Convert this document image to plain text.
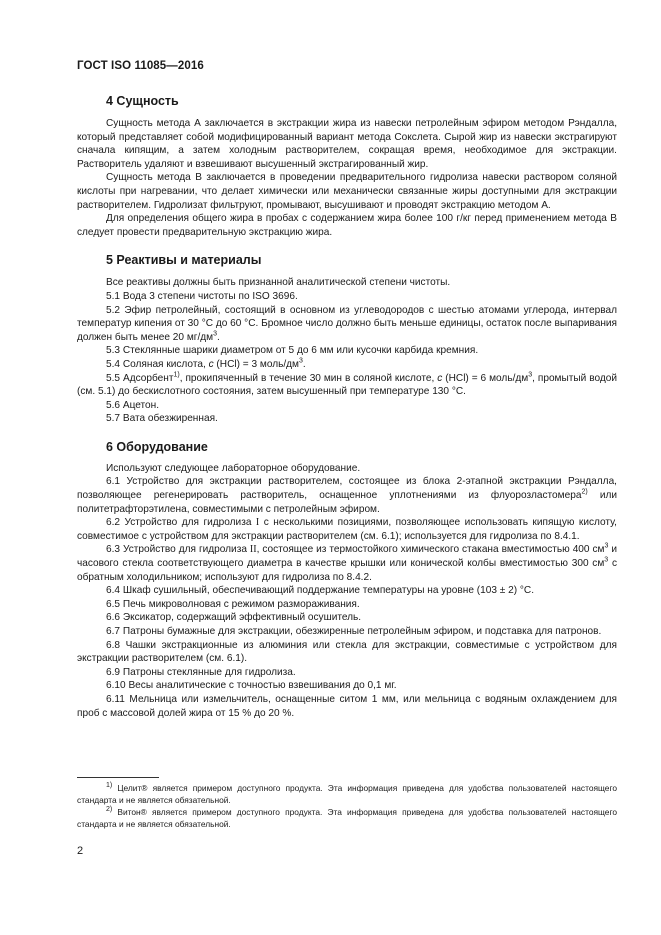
ГОСТ ISO 11085—2016
4 Сущность

Сущность метода А заключается в экстракции жира из навески петролейным эфиром методом Рэндалла, который представляет собой модифицированный вариант метода Сокслета. Сырой жир из навески экстрагируют сначала кипящим, а затем холодным растворителем, сокращая время, необходимое для экстракции. Растворитель удаляют и взвешивают высушенный экстрагированный жир.

Сущность метода B заключается в проведении предварительного гидролиза навески раствором соляной кислоты при нагревании, что делает химически или механически связанные жиры доступными для экстракции растворителем. Гидролизат фильтруют, промывают, высушивают и проводят экстракцию методом А.

Для определения общего жира в пробах с содержанием жира более 100 г/кг перед применением метода В следует провести предварительную экстракцию жира.

5 Реактивы и материалы

Все реактивы должны быть признанной аналитической степени чистоты.

5.1 Вода 3 степени чистоты по ISO 3696.

5.2 Эфир петролейный, состоящий в основном из углеводородов с шестью атомами углерода, интервал температур кипения от 30 °С до 60 °С. Бромное число должно быть меньше единицы, остаток после выпаривания должен быть менее 20 $мг/дм^3$.

5.3 Стеклянные шарики диаметром от 5 до 6 мм или кусочки карбида кремния.

5.4 Соляная кислота, с (HCl) = 3 моль/$дм^3$.

5.5 Адсорбент$^{1)}$, прокипяченный в течение 30 мин в соляной кислоте, c (HCl) = 6 моль/$дм^3$, промытый водой (см. 5.1) до бескислотного состояния, затем высушенный при температуре 130 °С.

5.6 Ацетон.

5.7 Вата обезжиренная.

6 Оборудование

Используют следующее лабораторное оборудование.

6.1 Устройство для экстракции растворителем, состоящее из блока 2-этапной экстракции Рэндалла, позволяющее регенерировать растворитель, оснащенное уплотнениями из флуорозластомера$^{2)}$ или политетрафторэтилена, совместимыми с петролейным эфиром.

6.2 Устройство для гидролиза I с несколькими позициями, позволяющее использовать кипящую кислоту, совместимое с устройством для экстракции растворителем (см. 6.1); используется для гидролиза по 8.4.1.

6.3 Устройство для гидролиза II, состоящее из термостойкого химического стакана вместимостью 400 $см^3$ и часового стекла соответствующего диаметра в качестве крышки или конической колбы вместимостью 300 $см^3$ с обратным холодильником; используют для гидролиза по 8.4.2.

6.4 Шкаф сушильный, обеспечивающий поддержание температуры на уровне (103 ± 2) °С.

6.5 Печь микроволновая с режимом размораживания.

6.6 Эксикатор, содержащий эффективный осушитель.

6.7 Патроны бумажные для экстракции, обезжиренные петролейным эфиром, и подставка для патронов.

6.8 Чашки экстракционные из алюминия или стекла для экстракции, совместимые с устройством для экстракции растворителем (см. 6.1).

6.9 Патроны стеклянные для гидролиза.

6.10 Весы аналитические с точностью взвешивания до 0,1 мг.

6.11 Мельница или измельчитель, оснащенные ситом 1 мм, или мельница с водяным охлаждением для проб с массовой долей жира от 15 % до 20 %.

$^{1)}$ Целит® является примером доступного продукта. Эта информация приведена для удобства пользователей настоящего стандарта и не является обязательной.

$^{2)}$ Витон® является примером доступного продукта. Эта информация приведена для удобства пользователей настоящего стандарта и не является обязательной.

2
